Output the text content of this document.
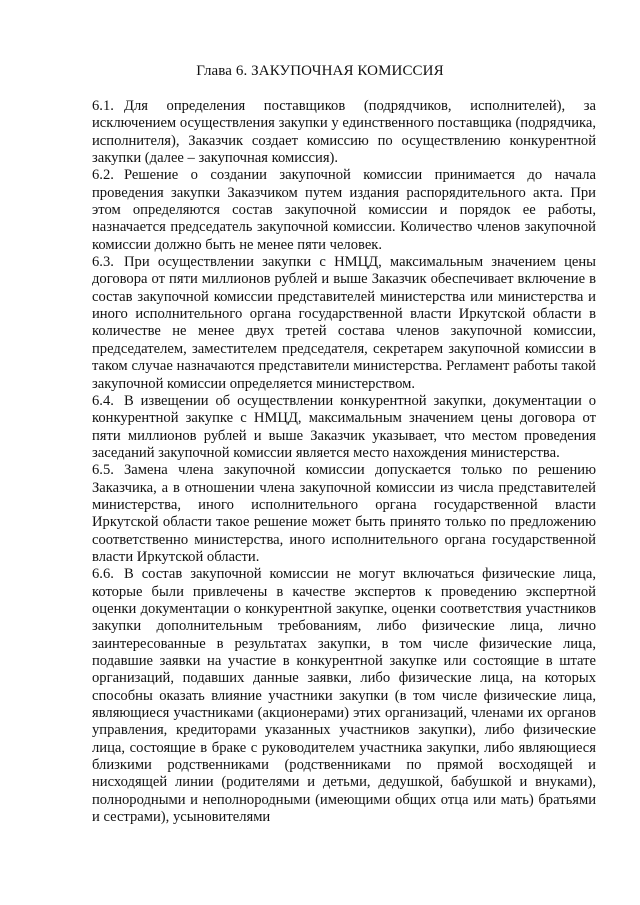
Глава 6. ЗАКУПОЧНАЯ КОМИССИЯ

6.1. Для определения поставщиков (подрядчиков, исполнителей), за исключением осуществления закупки у единственного поставщика (подрядчика, исполнителя), Заказчик создает комиссию по осуществлению конкурентной закупки (далее – закупочная комиссия).

6.2. Решение о создании закупочной комиссии принимается до начала проведения закупки Заказчиком путем издания распорядительного акта. При этом определяются состав закупочной комиссии и порядок ее работы, назначается председатель закупочной комиссии. Количество членов закупочной комиссии должно быть не менее пяти человек.

6.3. При осуществлении закупки с НМЦД, максимальным значением цены договора от пяти миллионов рублей и выше Заказчик обеспечивает включение в состав закупочной комиссии представителей министерства или министерства и иного исполнительного органа государственной власти Иркутской области в количестве не менее двух третей состава членов закупочной комиссии, председателем, заместителем председателя, секретарем закупочной комиссии в таком случае назначаются представители министерства. Регламент работы такой закупочной комиссии определяется министерством.

6.4. В извещении об осуществлении конкурентной закупки, документации о конкурентной закупке с НМЦД, максимальным значением цены договора от пяти миллионов рублей и выше Заказчик указывает, что местом проведения заседаний закупочной комиссии является место нахождения министерства.

6.5. Замена члена закупочной комиссии допускается только по решению Заказчика, а в отношении члена закупочной комиссии из числа представителей министерства, иного исполнительного органа государственной власти Иркутской области такое решение может быть принято только по предложению соответственно министерства, иного исполнительного органа государственной власти Иркутской области.

6.6. В состав закупочной комиссии не могут включаться физические лица, которые были привлечены в качестве экспертов к проведению экспертной оценки документации о конкурентной закупке, оценки соответствия участников закупки дополнительным требованиям, либо физические лица, лично заинтересованные в результатах закупки, в том числе физические лица, подавшие заявки на участие в конкурентной закупке или состоящие в штате организаций, подавших данные заявки, либо физические лица, на которых способны оказать влияние участники закупки (в том числе физические лица, являющиеся участниками (акционерами) этих организаций, членами их органов управления, кредиторами указанных участников закупки), либо физические лица, состоящие в браке с руководителем участника закупки, либо являющиеся близкими родственниками (родственниками по прямой восходящей и нисходящей линии (родителями и детьми, дедушкой, бабушкой и внуками), полнородными и неполнородными (имеющими общих отца или мать) братьями и сестрами), усыновителями
